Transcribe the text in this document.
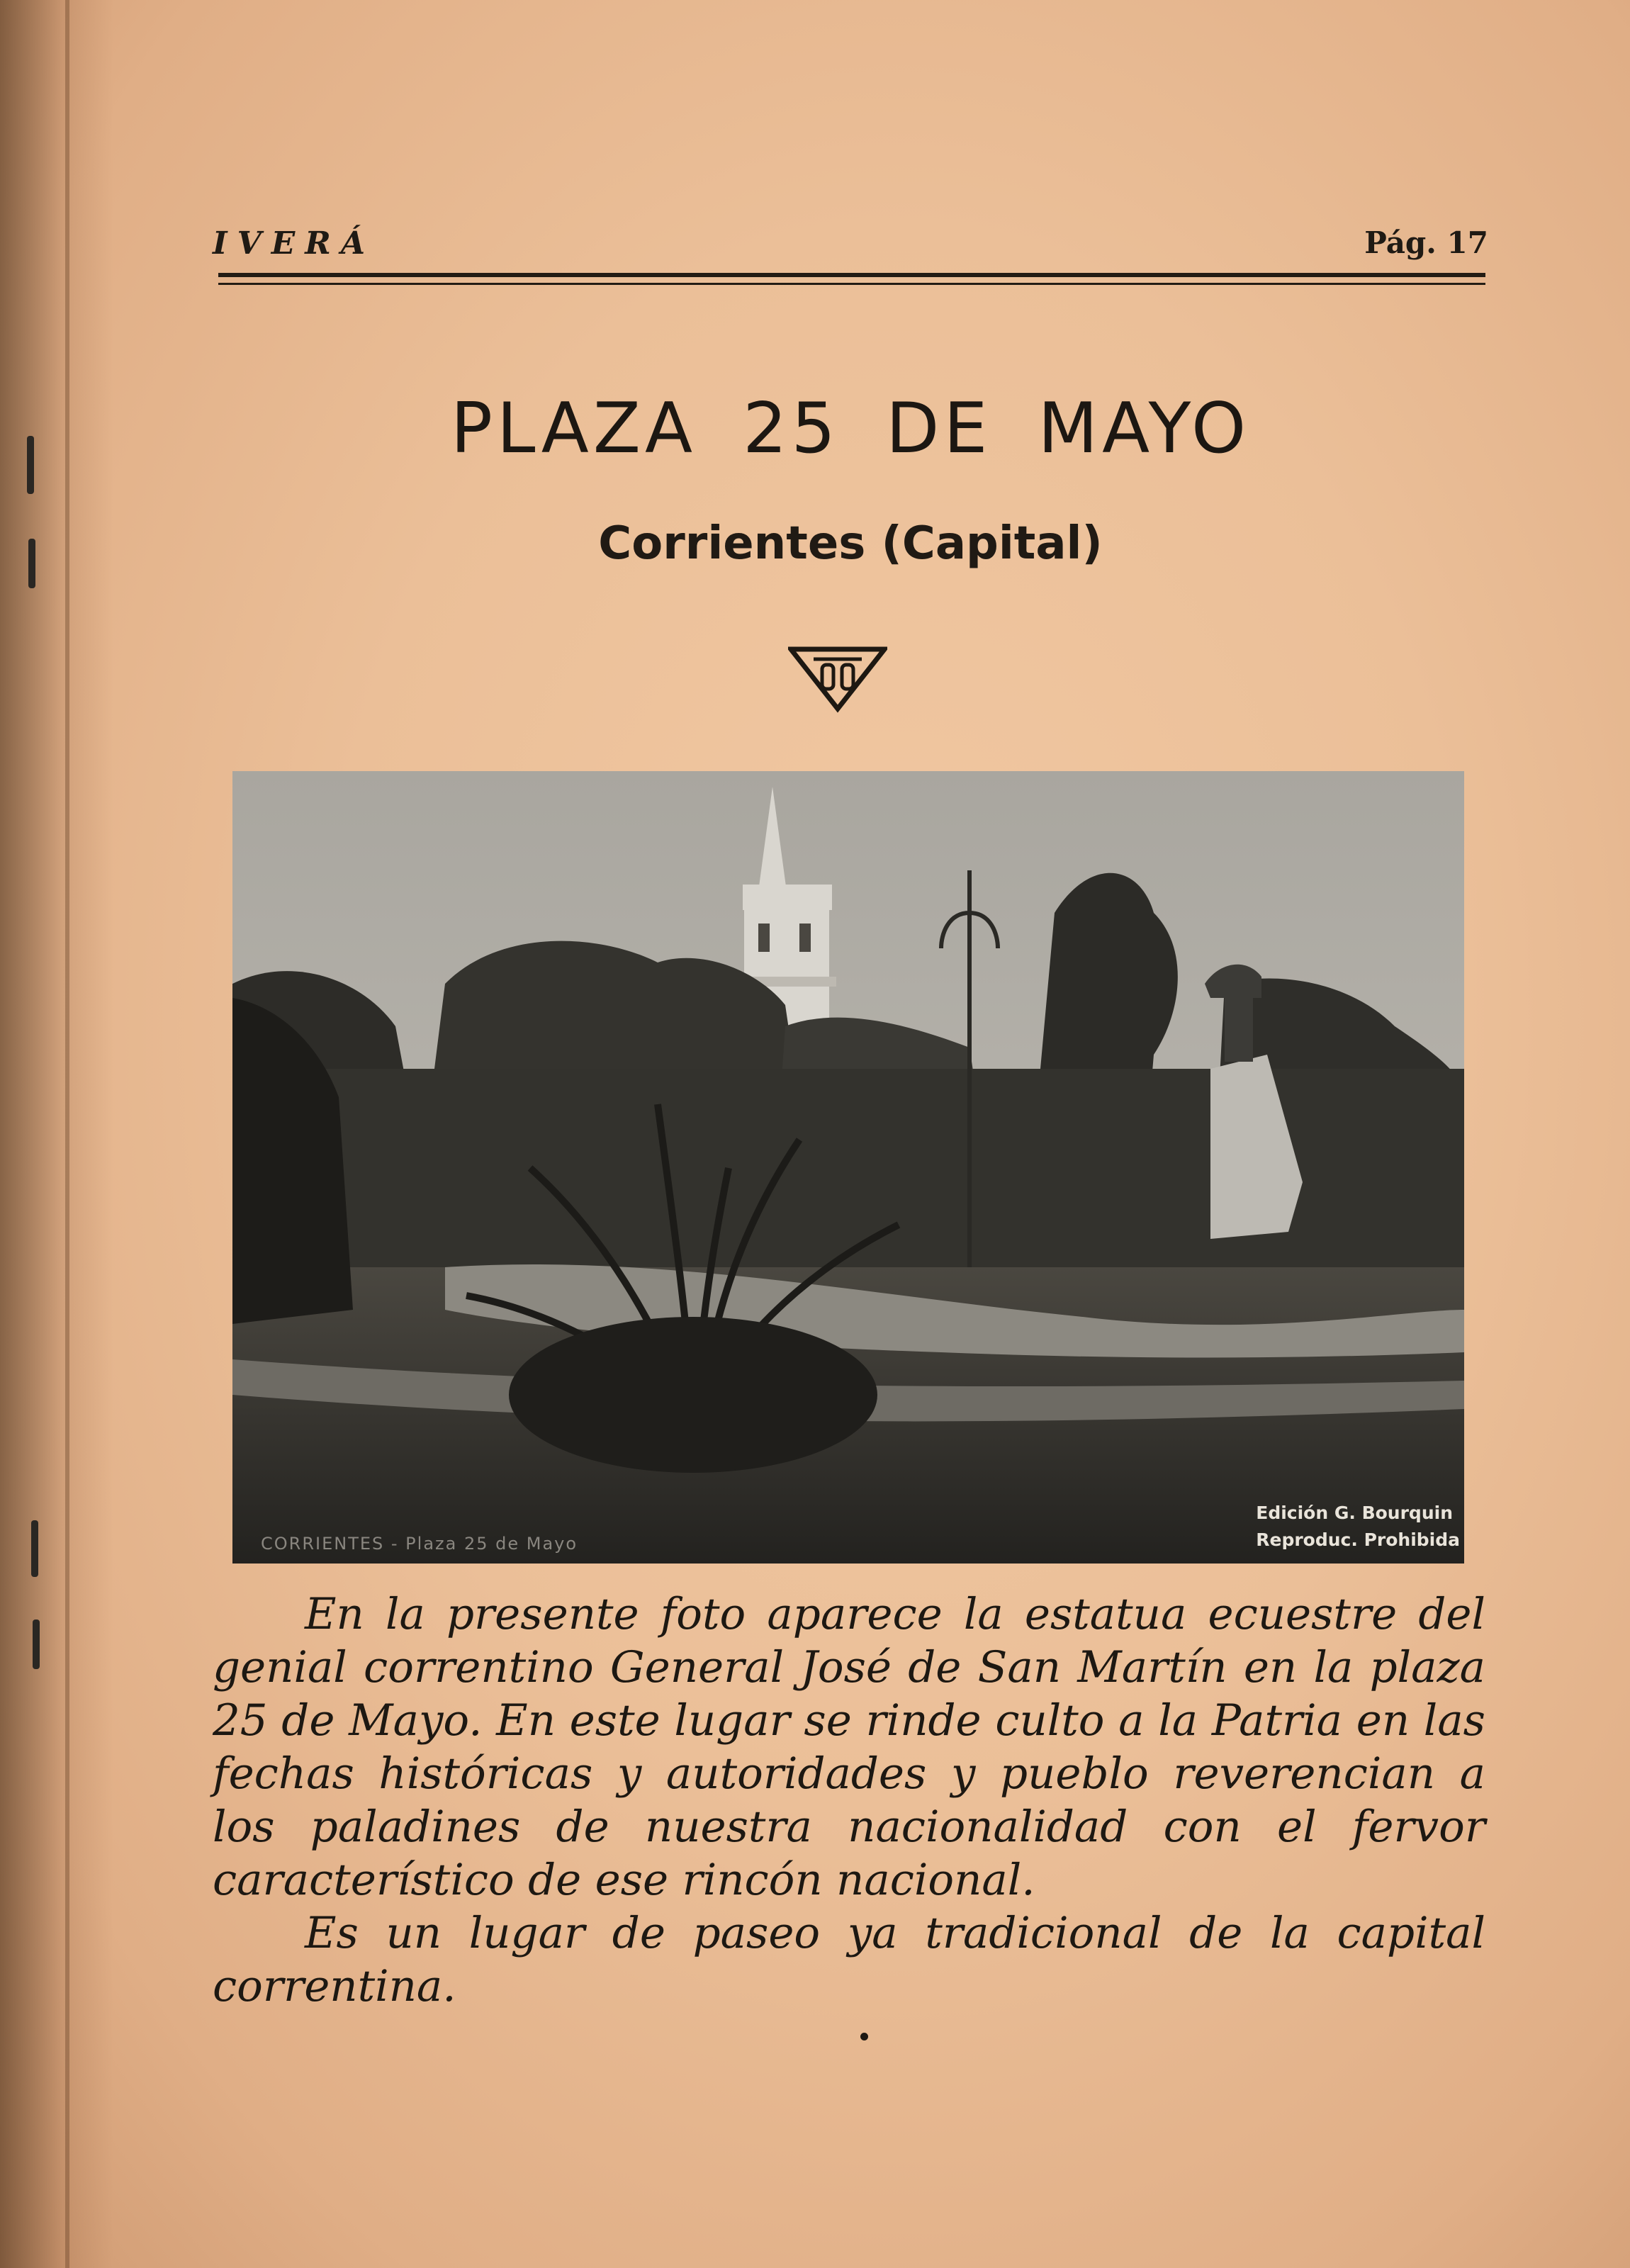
IVERÁ	Pág. 17
PLAZA 25 DE MAYO
Corrientes (Capital)
CORRIENTES - Plaza 25 de Mayo
Edición G. Bourquin
Reproduc. Prohibida

En la presente foto aparece la estatua ecuestre del genial correntino General José de San Martín en la plaza 25 de Mayo. En este lugar se rinde culto a la Patria en las fechas históricas y autoridades y pueblo reverencian a los paladines de nuestra nacionalidad con el fervor característico de ese rincón nacional.

Es un lugar de paseo ya tradicional de la capital correntina.
